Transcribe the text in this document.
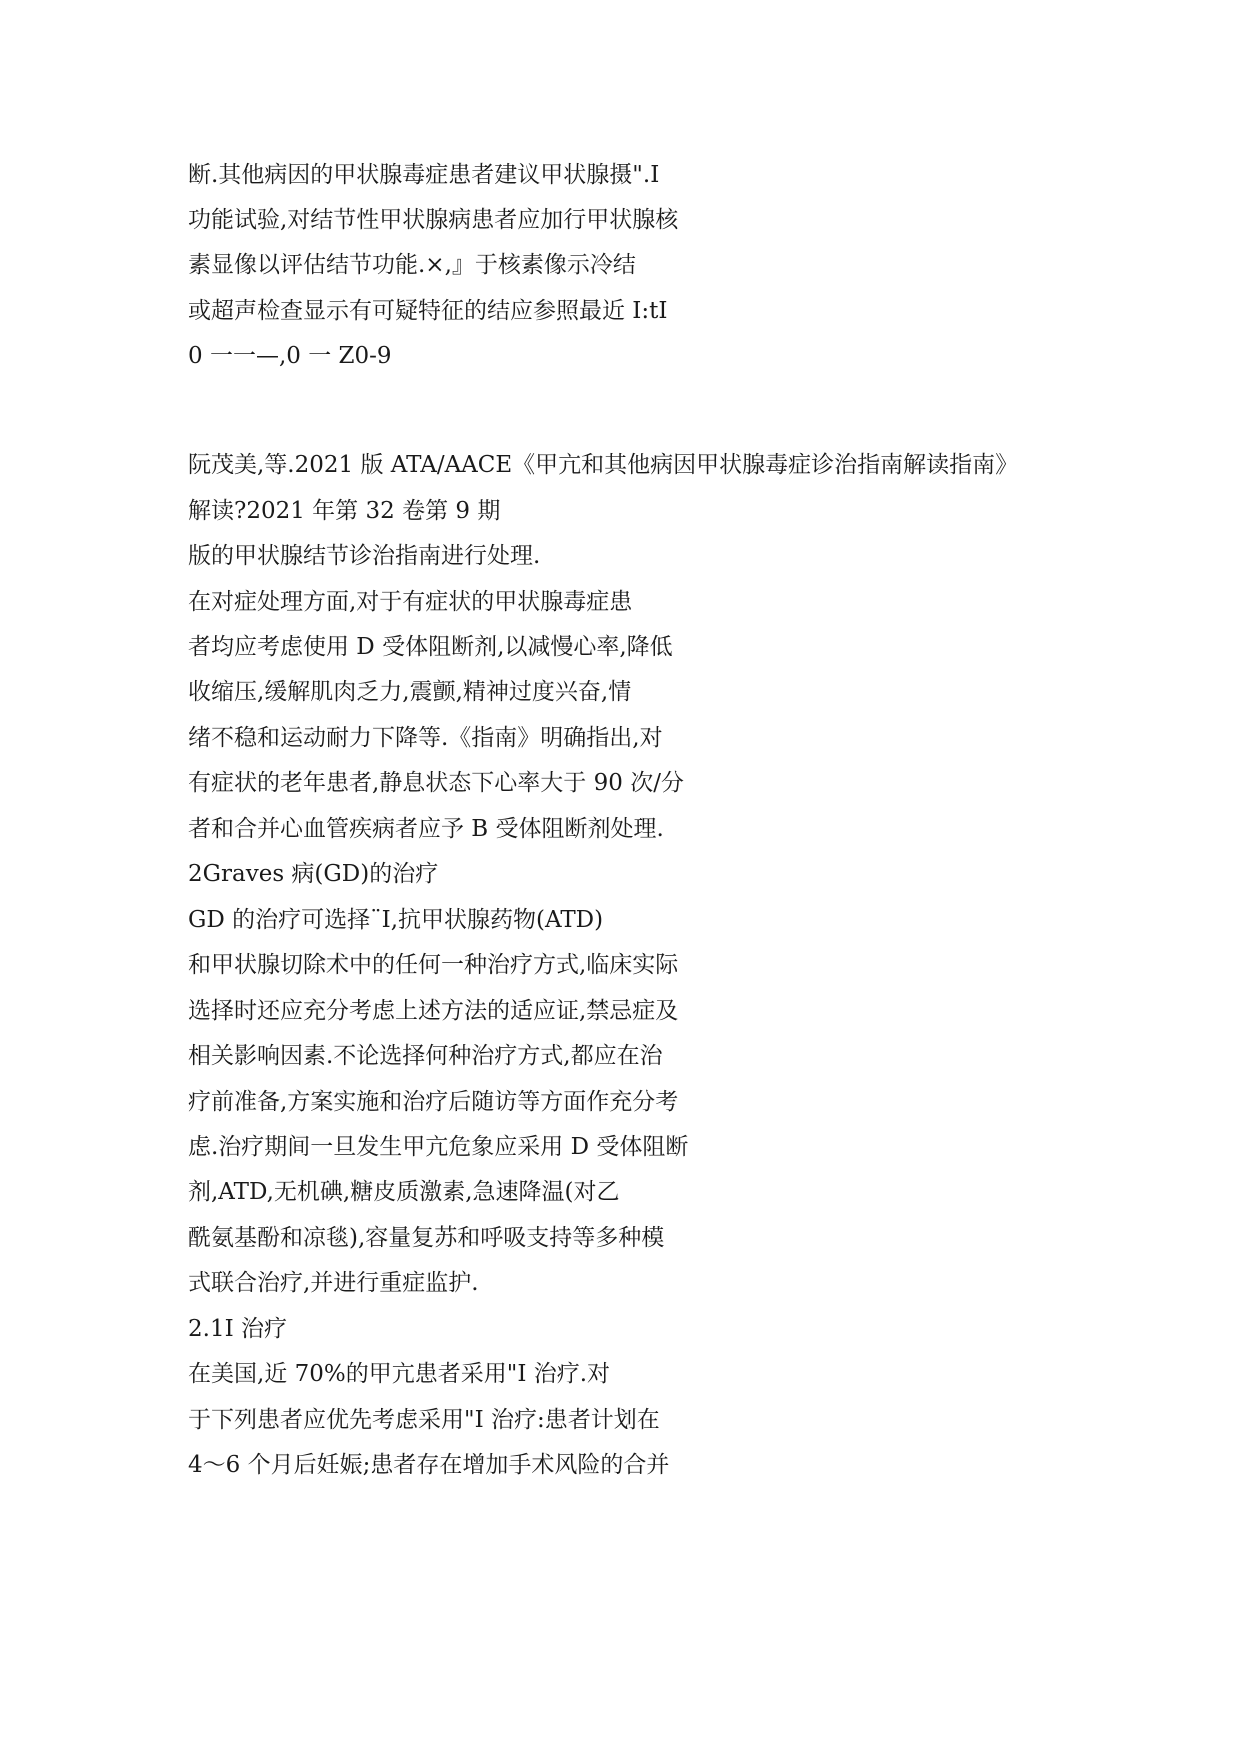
断.其他病因的甲状腺毒症患者建议甲状腺摄".I
功能试验,对结节性甲状腺病患者应加行甲状腺核
素显像以评估结节功能.×,』于核素像示冷结
或超声检查显示有可疑特征的结应参照最近 I:tI
0 一一—,0 一 Z0-9
阮茂美,等.2021 版 ATA/AACE《甲亢和其他病因甲状腺毒症诊治指南解读指南》
解读?2021 年第 32 卷第 9 期
版的甲状腺结节诊治指南进行处理.
在对症处理方面,对于有症状的甲状腺毒症患
者均应考虑使用 D 受体阻断剂,以减慢心率,降低
收缩压,缓解肌肉乏力,震颤,精神过度兴奋,情
绪不稳和运动耐力下降等.《指南》明确指出,对
有症状的老年患者,静息状态下心率大于 90 次/分
者和合并心血管疾病者应予 B 受体阻断剂处理.
2Graves 病(GD)的治疗
GD 的治疗可选择¨I,抗甲状腺药物(ATD)
和甲状腺切除术中的任何一种治疗方式,临床实际
选择时还应充分考虑上述方法的适应证,禁忌症及
相关影响因素.不论选择何种治疗方式,都应在治
疗前准备,方案实施和治疗后随访等方面作充分考
虑.治疗期间一旦发生甲亢危象应采用 D 受体阻断
剂,ATD,无机碘,糖皮质激素,急速降温(对乙
酰氨基酚和凉毯),容量复苏和呼吸支持等多种模
式联合治疗,并进行重症监护.
2.1I 治疗
在美国,近 70%的甲亢患者采用"I 治疗.对
于下列患者应优先考虑采用"I 治疗:患者计划在
4～6 个月后妊娠;患者存在增加手术风险的合并
